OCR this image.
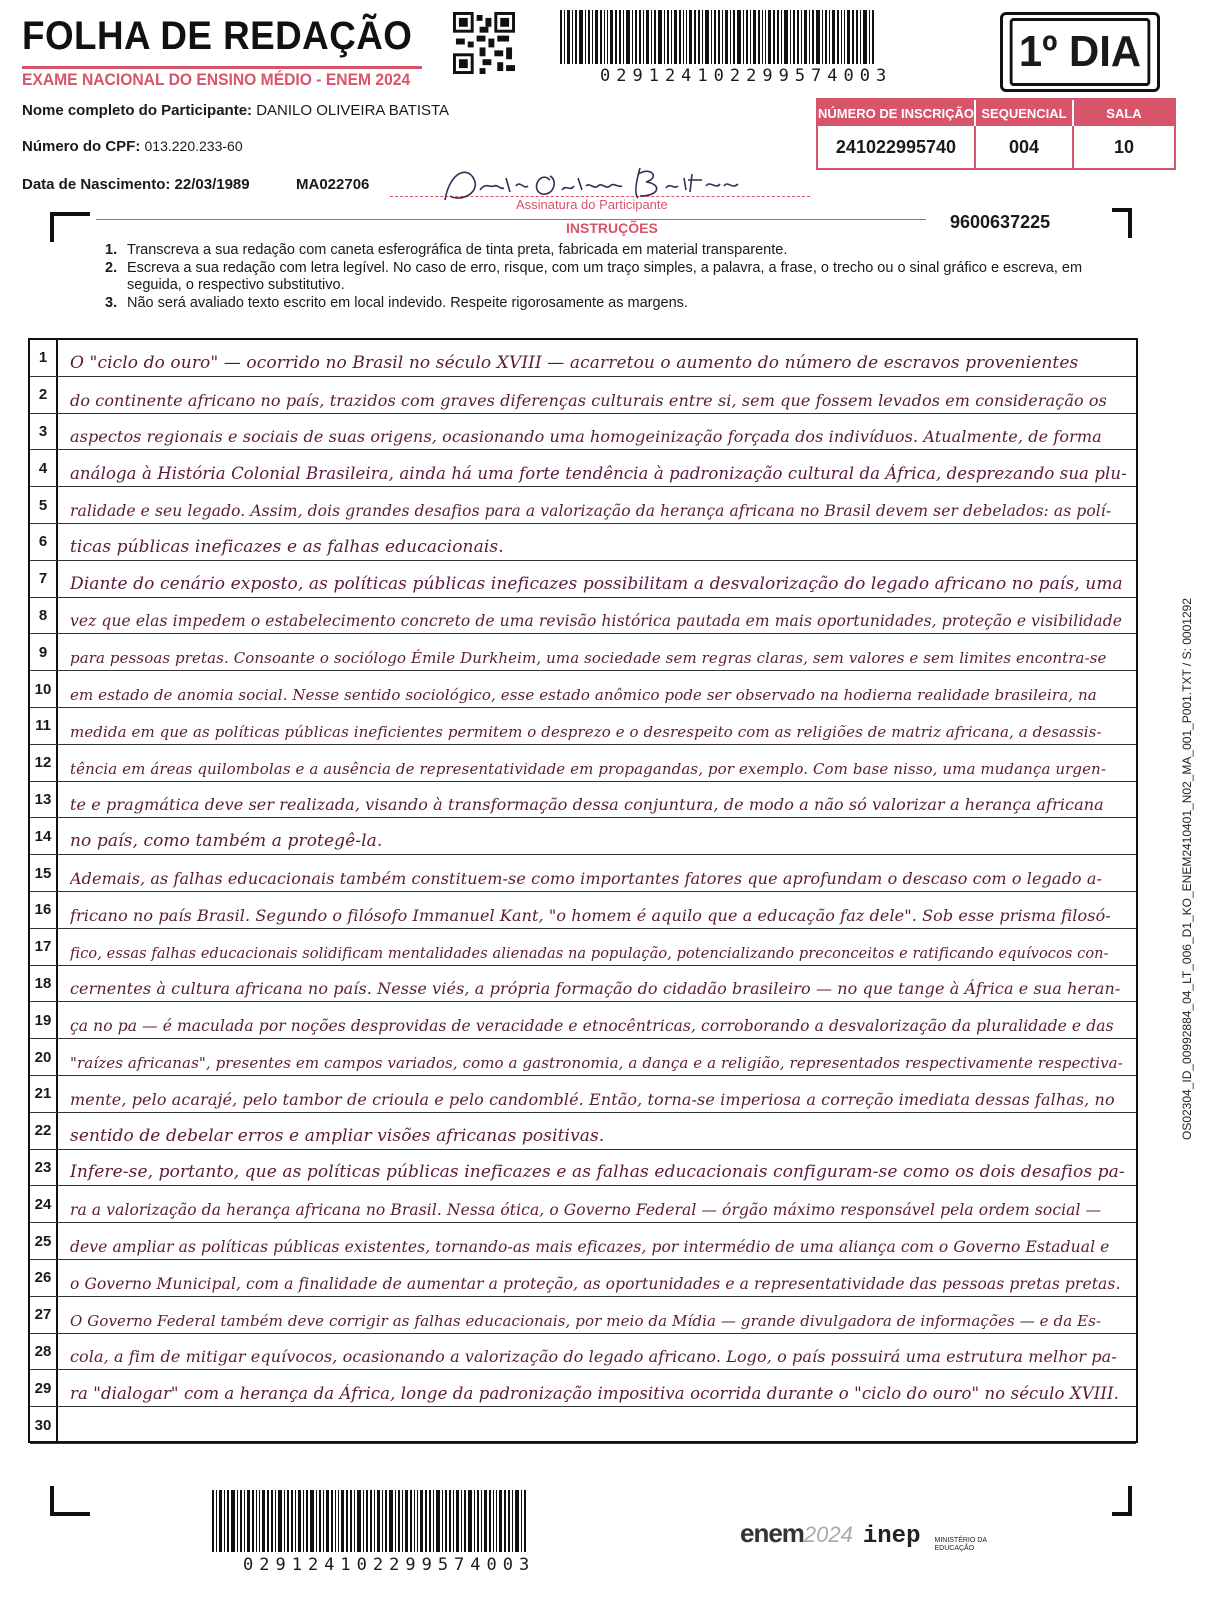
FOLHA DE REDAÇÃO
EXAME NACIONAL DO ENSINO MÉDIO - ENEM 2024	029124102299574003	1º DIA
Nome completo do Participante: DANILO OLIVEIRA BATISTA
Número do CPF: 013.220.233-60
Data de Nascimento: 22/03/1989	MA022706
NÚMERO DE INSCRIÇÃO SEQUENCIAL	SALA
241022995740	004	10
Assinatura do Participante
INSTRUÇÕES	9600637225
1. Transcreva a sua redação com caneta esferográfica de tinta preta, fabricada em material transparente.
2. Escreva a sua redação com letra legível. No caso de erro, risque, com um traço simples, a palavra, a frase, o trecho ou o sinal gráfico e escreva, em seguida, o respectivo substitutivo.
3. Não será avaliado texto escrito em local indevido. Respeite rigorosamente as margens.
1	O "ciclo do ouro" — ocorrido no Brasil no século XVIII — acarretou o aumento do número de escravos provenientes
2	do continente africano no país, trazidos com graves diferenças culturais entre si, sem que fossem levados em consideração os
3	aspectos regionais e sociais de suas origens, ocasionando uma homogeinização forçada dos indivíduos. Atualmente, de forma
4	análoga à História Colonial Brasileira, ainda há uma forte tendência à padronização cultural da África, desprezando sua plu-
5	ralidade e seu legado. Assim, dois grandes desafios para a valorização da herança africana no Brasil devem ser debelados: as polí-
6	ticas públicas ineficazes e as falhas educacionais.
7	Diante do cenário exposto, as políticas públicas ineficazes possibilitam a desvalorização do legado africano no país, uma
8	vez que elas impedem o estabelecimento concreto de uma revisão histórica pautada em mais oportunidades, proteção e visibilidade
9	para pessoas pretas. Consoante o sociólogo Émile Durkheim, uma sociedade sem regras claras, sem valores e sem limites encontra-se
10	em estado de anomia social. Nesse sentido sociológico, esse estado anômico pode ser observado na hodierna realidade brasileira, na
11	medida em que as políticas públicas ineficientes permitem o desprezo e o desrespeito com as religiões de matriz africana, a desassis-
12	tência em áreas quilombolas e a ausência de representatividade em propagandas, por exemplo. Com base nisso, uma mudança urgen-
13	te e pragmática deve ser realizada, visando à transformação dessa conjuntura, de modo a não só valorizar a herança africana
14	no país, como também a protegê-la.
15	Ademais, as falhas educacionais também constituem-se como importantes fatores que aprofundam o descaso com o legado a-
16	fricano no país Brasil. Segundo o filósofo Immanuel Kant, "o homem é aquilo que a educação faz dele". Sob esse prisma filosó-
17	fico, essas falhas educacionais solidificam mentalidades alienadas na população, potencializando preconceitos e ratificando equívocos con-
18	cernentes à cultura africana no país. Nesse viés, a própria formação do cidadão brasileiro — no que tange à África e sua heran-
19	ça no pa — é maculada por noções desprovidas de veracidade e etnocêntricas, corroborando a desvalorização da pluralidade e das
20	"raízes africanas", presentes em campos variados, como a gastronomia, a dança e a religião, representados respectivamente respectiva-
21	mente, pelo acarajé, pelo tambor de crioula e pelo candomblé. Então, torna-se imperiosa a correção imediata dessas falhas, no
22	sentido de debelar erros e ampliar visões africanas positivas.
23	Infere-se, portanto, que as políticas públicas ineficazes e as falhas educacionais configuram-se como os dois desafios pa-
24	ra a valorização da herança africana no Brasil. Nessa ótica, o Governo Federal — órgão máximo responsável pela ordem social —
25	deve ampliar as políticas públicas existentes, tornando-as mais eficazes, por intermédio de uma aliança com o Governo Estadual e
26	o Governo Municipal, com a finalidade de aumentar a proteção, as oportunidades e a representatividade das pessoas pretas pretas.
27	O Governo Federal também deve corrigir as falhas educacionais, por meio da Mídia — grande divulgadora de informações — e da Es-
28	cola, a fim de mitigar equívocos, ocasionando a valorização do legado africano. Logo, o país possuirá uma estrutura melhor pa-
29	ra "dialogar" com a herança da África, longe da padronização impositiva ocorrida durante o "ciclo do ouro" no século XVIII.
30
OS02304_ID_00992884_04_LT_006_D1_KO_ENEM2410401_N02_MA_001_P001.TXT / S: 0001292
029124102299574003
enem 2024 inep MINISTÉRIO DA EDUCAÇÃO
